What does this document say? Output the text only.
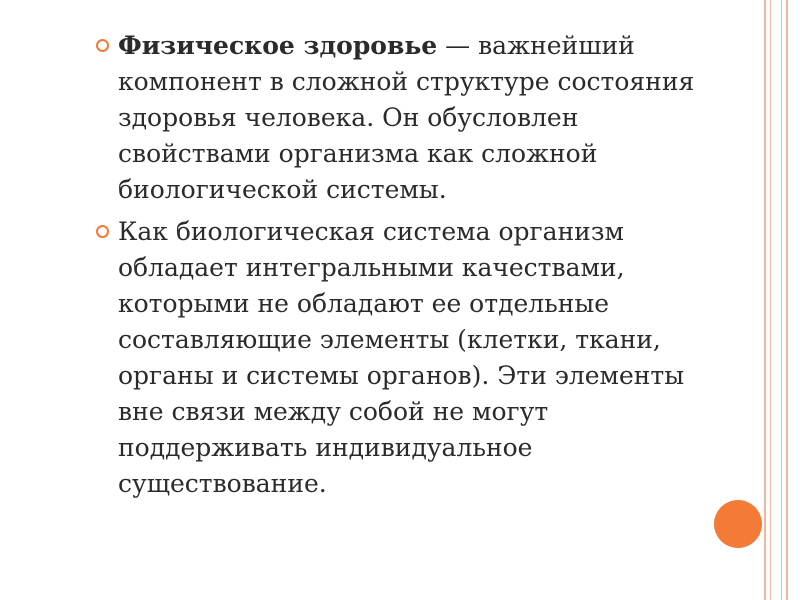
Физическое здоровье — важнейший компонент в сложной структуре состояния здоровья человека. Он обусловлен свойствами организма как сложной биологической системы.
Как биологическая система организм обладает интегральными качествами, которыми не обладают ее отдельные составляющие элементы (клетки, ткани, органы и системы органов). Эти элементы вне связи между собой не могут поддерживать индивидуальное существование.
